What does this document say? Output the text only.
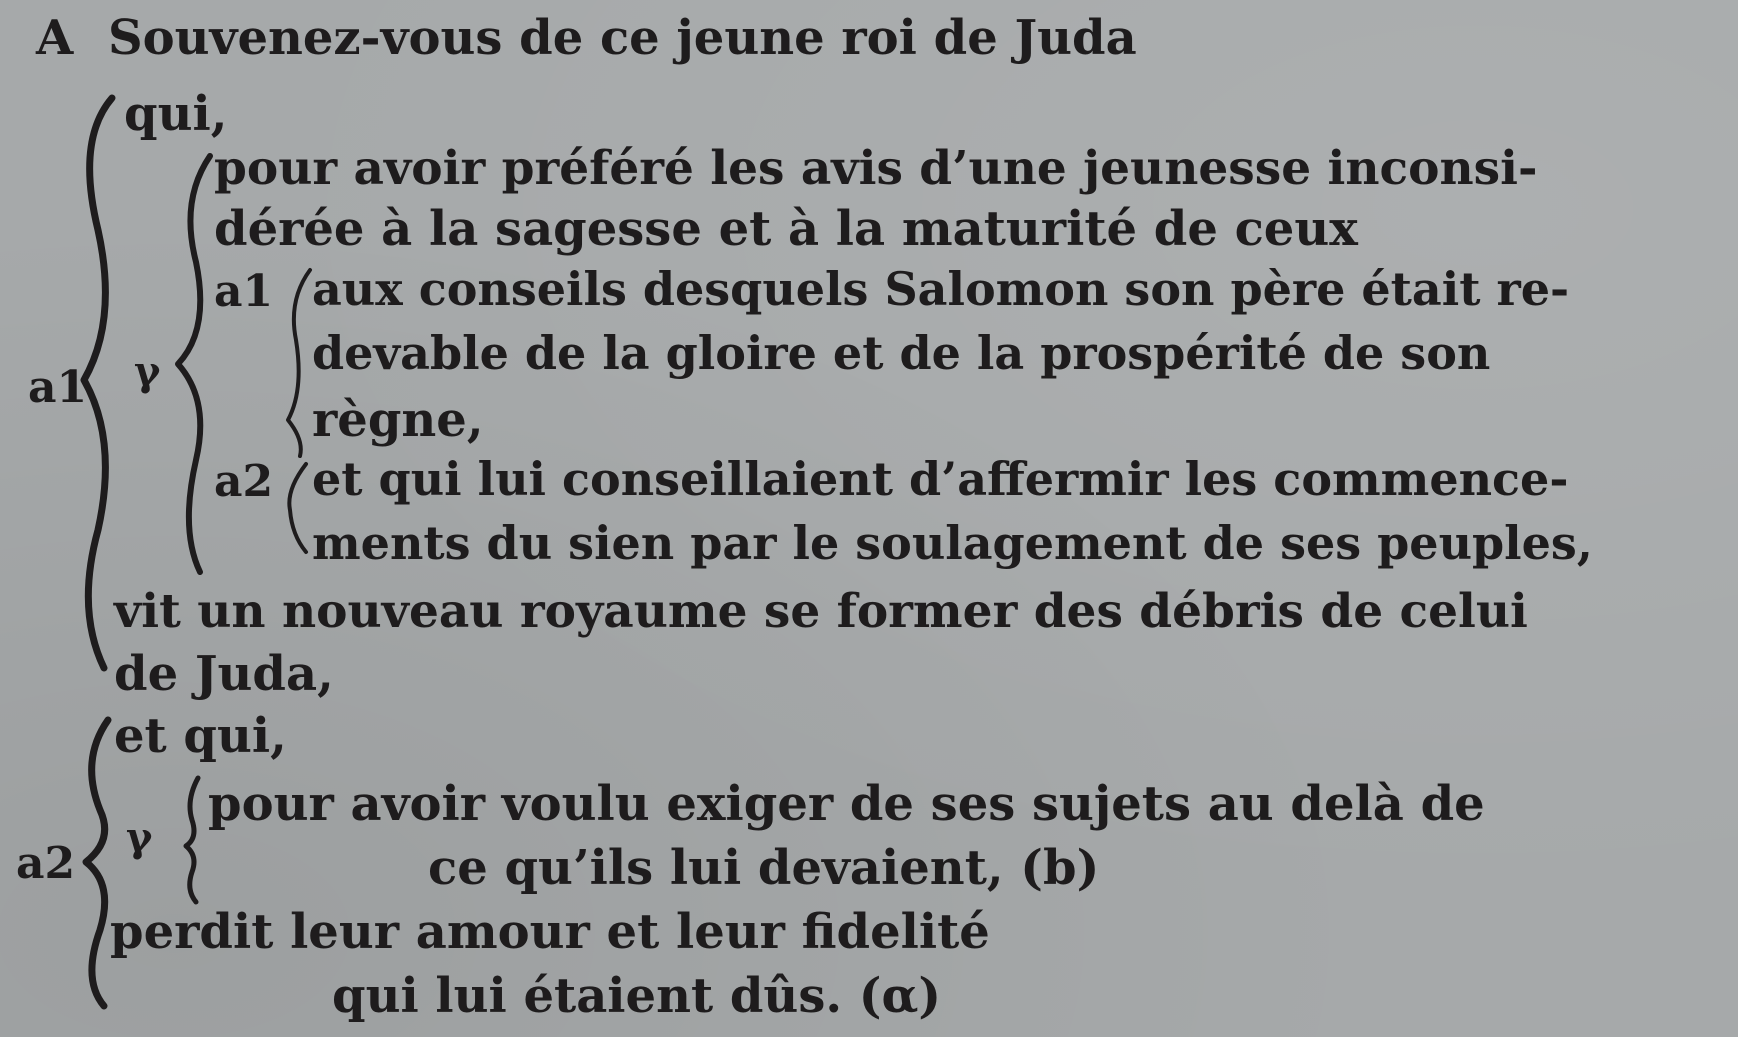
A Souvenez-vous de ce jeune roi de Juda
a1 γ
a1
a2
a2
γ
qui,
pour avoir préféré les avis d’une jeunesse inconsi-
dérée à la sagesse et à la maturité de ceux
aux conseils desquels Salomon son père était re-
devable de la gloire et de la prospérité de son
règne,
et qui lui conseillaient d’affermir les commence-
ments du sien par le soulagement de ses peuples,
vit un nouveau royaume se former des débris de celui
de Juda,
et qui,
pour avoir voulu exiger de ses sujets au delà de
ce qu’ils lui devaient, (b)
perdit leur amour et leur fidelité
qui lui étaient dûs. (α)
